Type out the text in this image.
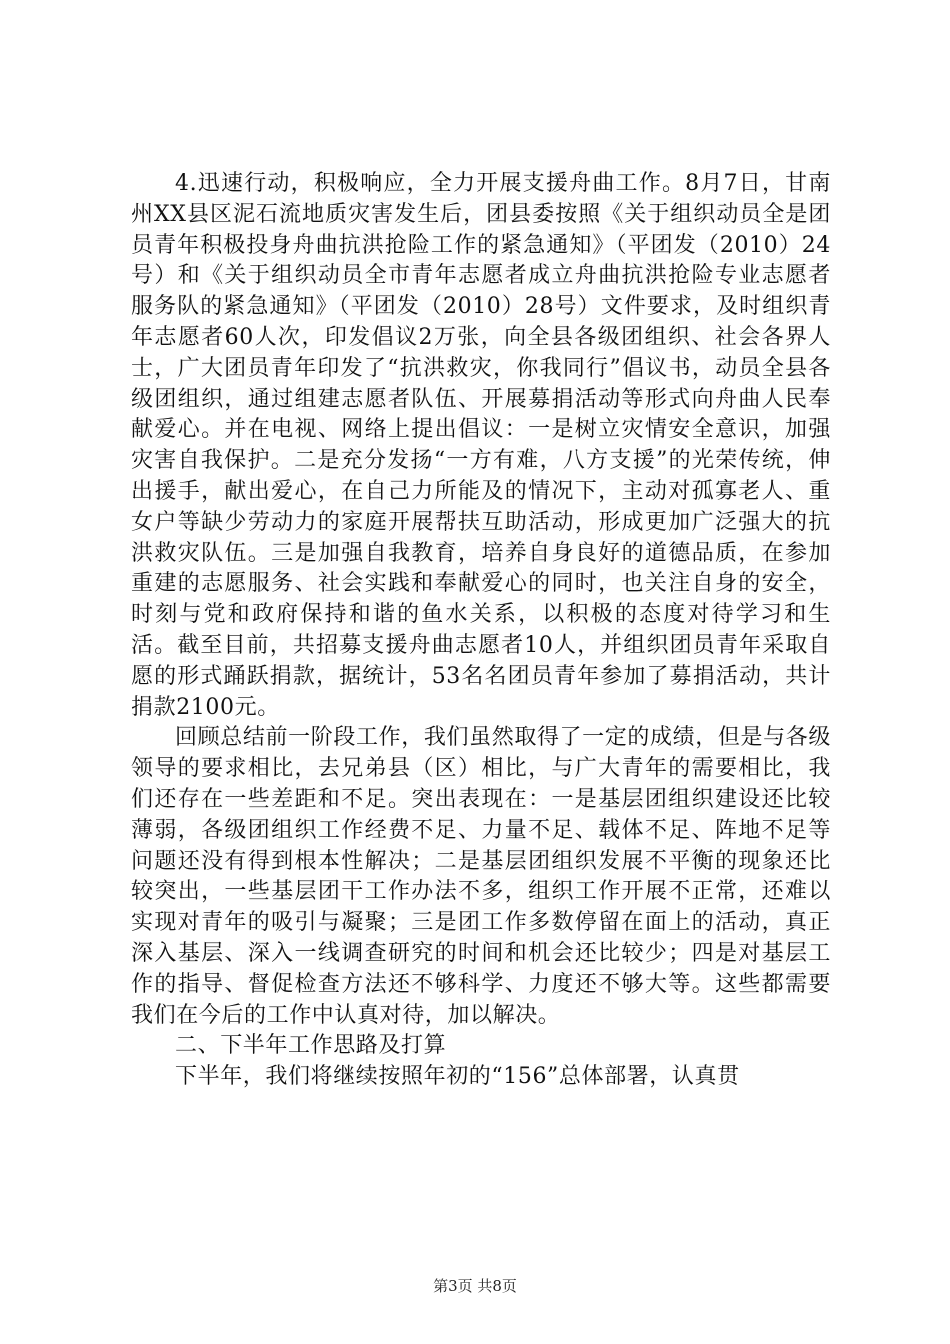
4.迅速行动，积极响应，全力开展支援舟曲工作。8月7日，甘南州XX县区泥石流地质灾害发生后，团县委按照《关于组织动员全是团员青年积极投身舟曲抗洪抢险工作的紧急通知》（平团发（2010）24号）和《关于组织动员全市青年志愿者成立舟曲抗洪抢险专业志愿者服务队的紧急通知》（平团发（2010）28号）文件要求，及时组织青年志愿者60人次，印发倡议2万张，向全县各级团组织、社会各界人士，广大团员青年印发了“抗洪救灾，你我同行”倡议书，动员全县各级团组织，通过组建志愿者队伍、开展募捐活动等形式向舟曲人民奉献爱心。并在电视、网络上提出倡议：一是树立灾情安全意识，加强灾害自我保护。二是充分发扬“一方有难，八方支援”的光荣传统，伸出援手，献出爱心，在自己力所能及的情况下，主动对孤寡老人、重女户等缺少劳动力的家庭开展帮扶互助活动，形成更加广泛强大的抗洪救灾队伍。三是加强自我教育，培养自身良好的道德品质，在参加重建的志愿服务、社会实践和奉献爱心的同时，也关注自身的安全，时刻与党和政府保持和谐的鱼水关系，以积极的态度对待学习和生活。截至目前，共招募支援舟曲志愿者10人，并组织团员青年采取自愿的形式踊跃捐款，据统计，53名名团员青年参加了募捐活动，共计捐款2100元。

回顾总结前一阶段工作，我们虽然取得了一定的成绩，但是与各级领导的要求相比，去兄弟县（区）相比，与广大青年的需要相比，我们还存在一些差距和不足。突出表现在：一是基层团组织建设还比较薄弱，各级团组织工作经费不足、力量不足、载体不足、阵地不足等问题还没有得到根本性解决；二是基层团组织发展不平衡的现象还比较突出，一些基层团干工作办法不多，组织工作开展不正常，还难以实现对青年的吸引与凝聚；三是团工作多数停留在面上的活动，真正深入基层、深入一线调查研究的时间和机会还比较少；四是对基层工作的指导、督促检查方法还不够科学、力度还不够大等。这些都需要我们在今后的工作中认真对待，加以解决。

二、下半年工作思路及打算

下半年，我们将继续按照年初的“156”总体部署，认真贯

第3页 共8页
